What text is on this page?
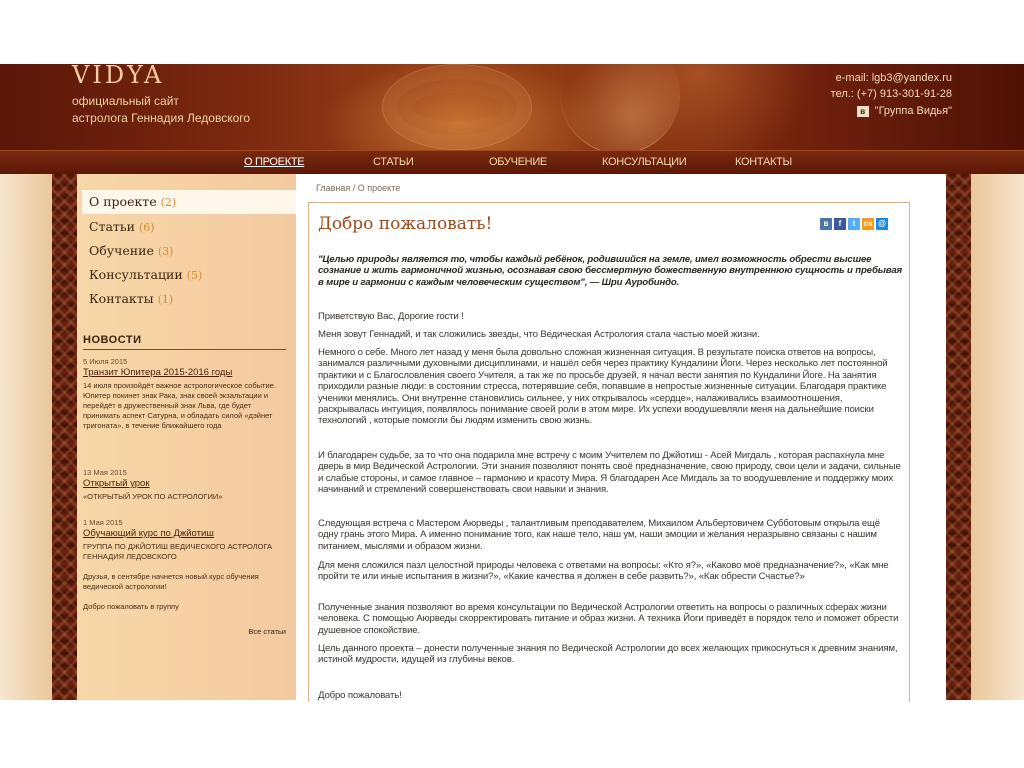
VIDYA
официальный сайт
астролога Геннадия Ледовского
e-mail: lgb3@yandex.ru
тел.: (+7) 913-301-91-28
в "Группа Видья"
О ПРОЕКТЕ	СТАТЬИ	ОБУЧЕНИЕ	КОНСУЛЬТАЦИИ	КОНТАКТЫ
О проекте (2)
Статьи (6)
Обучение (3)
Консультации (5)
Контакты (1)
НОВОСТИ
5 Июля 2015
Транзит Юпитера 2015-2016 годы
14 июля произойдёт важное астрологическое событие. Юпитер покинет знак Рака, знак своей экзальтации и перейдёт в дружественный знак Льва, где будет принимать аспект Сатурна, и обладать силой «дэйнет тригоната», в течение ближайшего года
13 Мая 2015
Открытый урок
«ОТКРЫТЫЙ УРОК ПО АСТРОЛОГИИ»
1 Мая 2015
Обучающий курс по Джйотиш
ГРУППА ПО ДЖЙОТИШ ВЕДИЧЕСКОГО АСТРОЛОГА ГЕННАДИЯ ЛЕДОВСКОГО
Друзья, в сентябре начнется новый курс обучения ведической астрологии!
Добро пожаловать в группу
Все статьи
Главная / О проекте
Добро пожаловать!	в	f	t	ок @
"Целью природы является то, чтобы каждый ребёнок, родившийся на земле, имел возможность обрести высшее сознание и жить гармоничной жизнью, осознавая свою бессмертную божественную внутреннюю сущность и пребывая в мире и гармонии с каждым человеческим существом", — Шри Ауробиндо.
Приветствую Вас, Дорогие гости !
Меня зовут Геннадий, и так сложились звезды, что Ведическая Астрология стала частью моей жизни.
Немного о себе. Много лет назад у меня была довольно сложная жизненная ситуация. В результате поиска ответов на вопросы, занимался различными духовными дисциплинами, и нашёл себя через практику Кундалини Йоги. Через несколько лет постоянной практики и с Благословления своего Учителя, а так же по просьбе друзей, я начал вести занятия по Кундалини Йоге. На занятия приходили разные люди: в состоянии стресса, потерявшие себя, попавшие в непростые жизненные ситуации. Благодаря практике ученики менялись. Они внутренне становились сильнее, у них открывалось «сердце», налаживались взаимоотношения, раскрывалась интуиция, появлялось понимание своей роли в этом мире. Их успехи воодушевляли меня на дальнейшие поиски технологий , которые помогли бы людям изменить свою жизнь.
И благодарен судьбе, за то что она подарила мне встречу с моим Учителем по Джйотиш - Асей Мигдаль , которая распахнула мне дверь в мир Ведической Астрологии. Эти знания позволяют понять своё предназначение, свою природу, свои цели и задачи, сильные и слабые стороны, и самое главное – гармонию и красоту Мира. Я благодарен Асе Мигдаль за то воодушевление и поддержку моих начинаний и стремлений совершенствовать свои навыки и знания.
Следующая встреча с Мастером Аюрведы , талантливым преподавателем, Михаилом Альбертовичем Субботовым открыла ещё одну грань этого Мира. А именно понимание того, как наше тело, наш ум, наши эмоции и желания неразрывно связаны с нашим питанием, мыслями и образом жизни.
Для меня сложился пазл целостной природы человека с ответами на вопросы: «Кто я?», «Каково моё предназначение?», «Как мне пройти те или иные испытания в жизни?», «Какие качества я должен в себе развить?», «Как обрести Счастье?»
Полученные знания позволяют во время консультации по Ведической Астрологии ответить на вопросы о различных сферах жизни человека. С помощью Аюрведы скорректировать питание и образ жизни. А техника Йоги приведёт в порядок тело и поможет обрести душевное спокойствие.
Цель данного проекта – донести полученные знания по Ведической Астрологии до всех желающих прикоснуться к древним знаниям, истиной мудрости, идущей из глубины веков.
Добро пожаловать!
